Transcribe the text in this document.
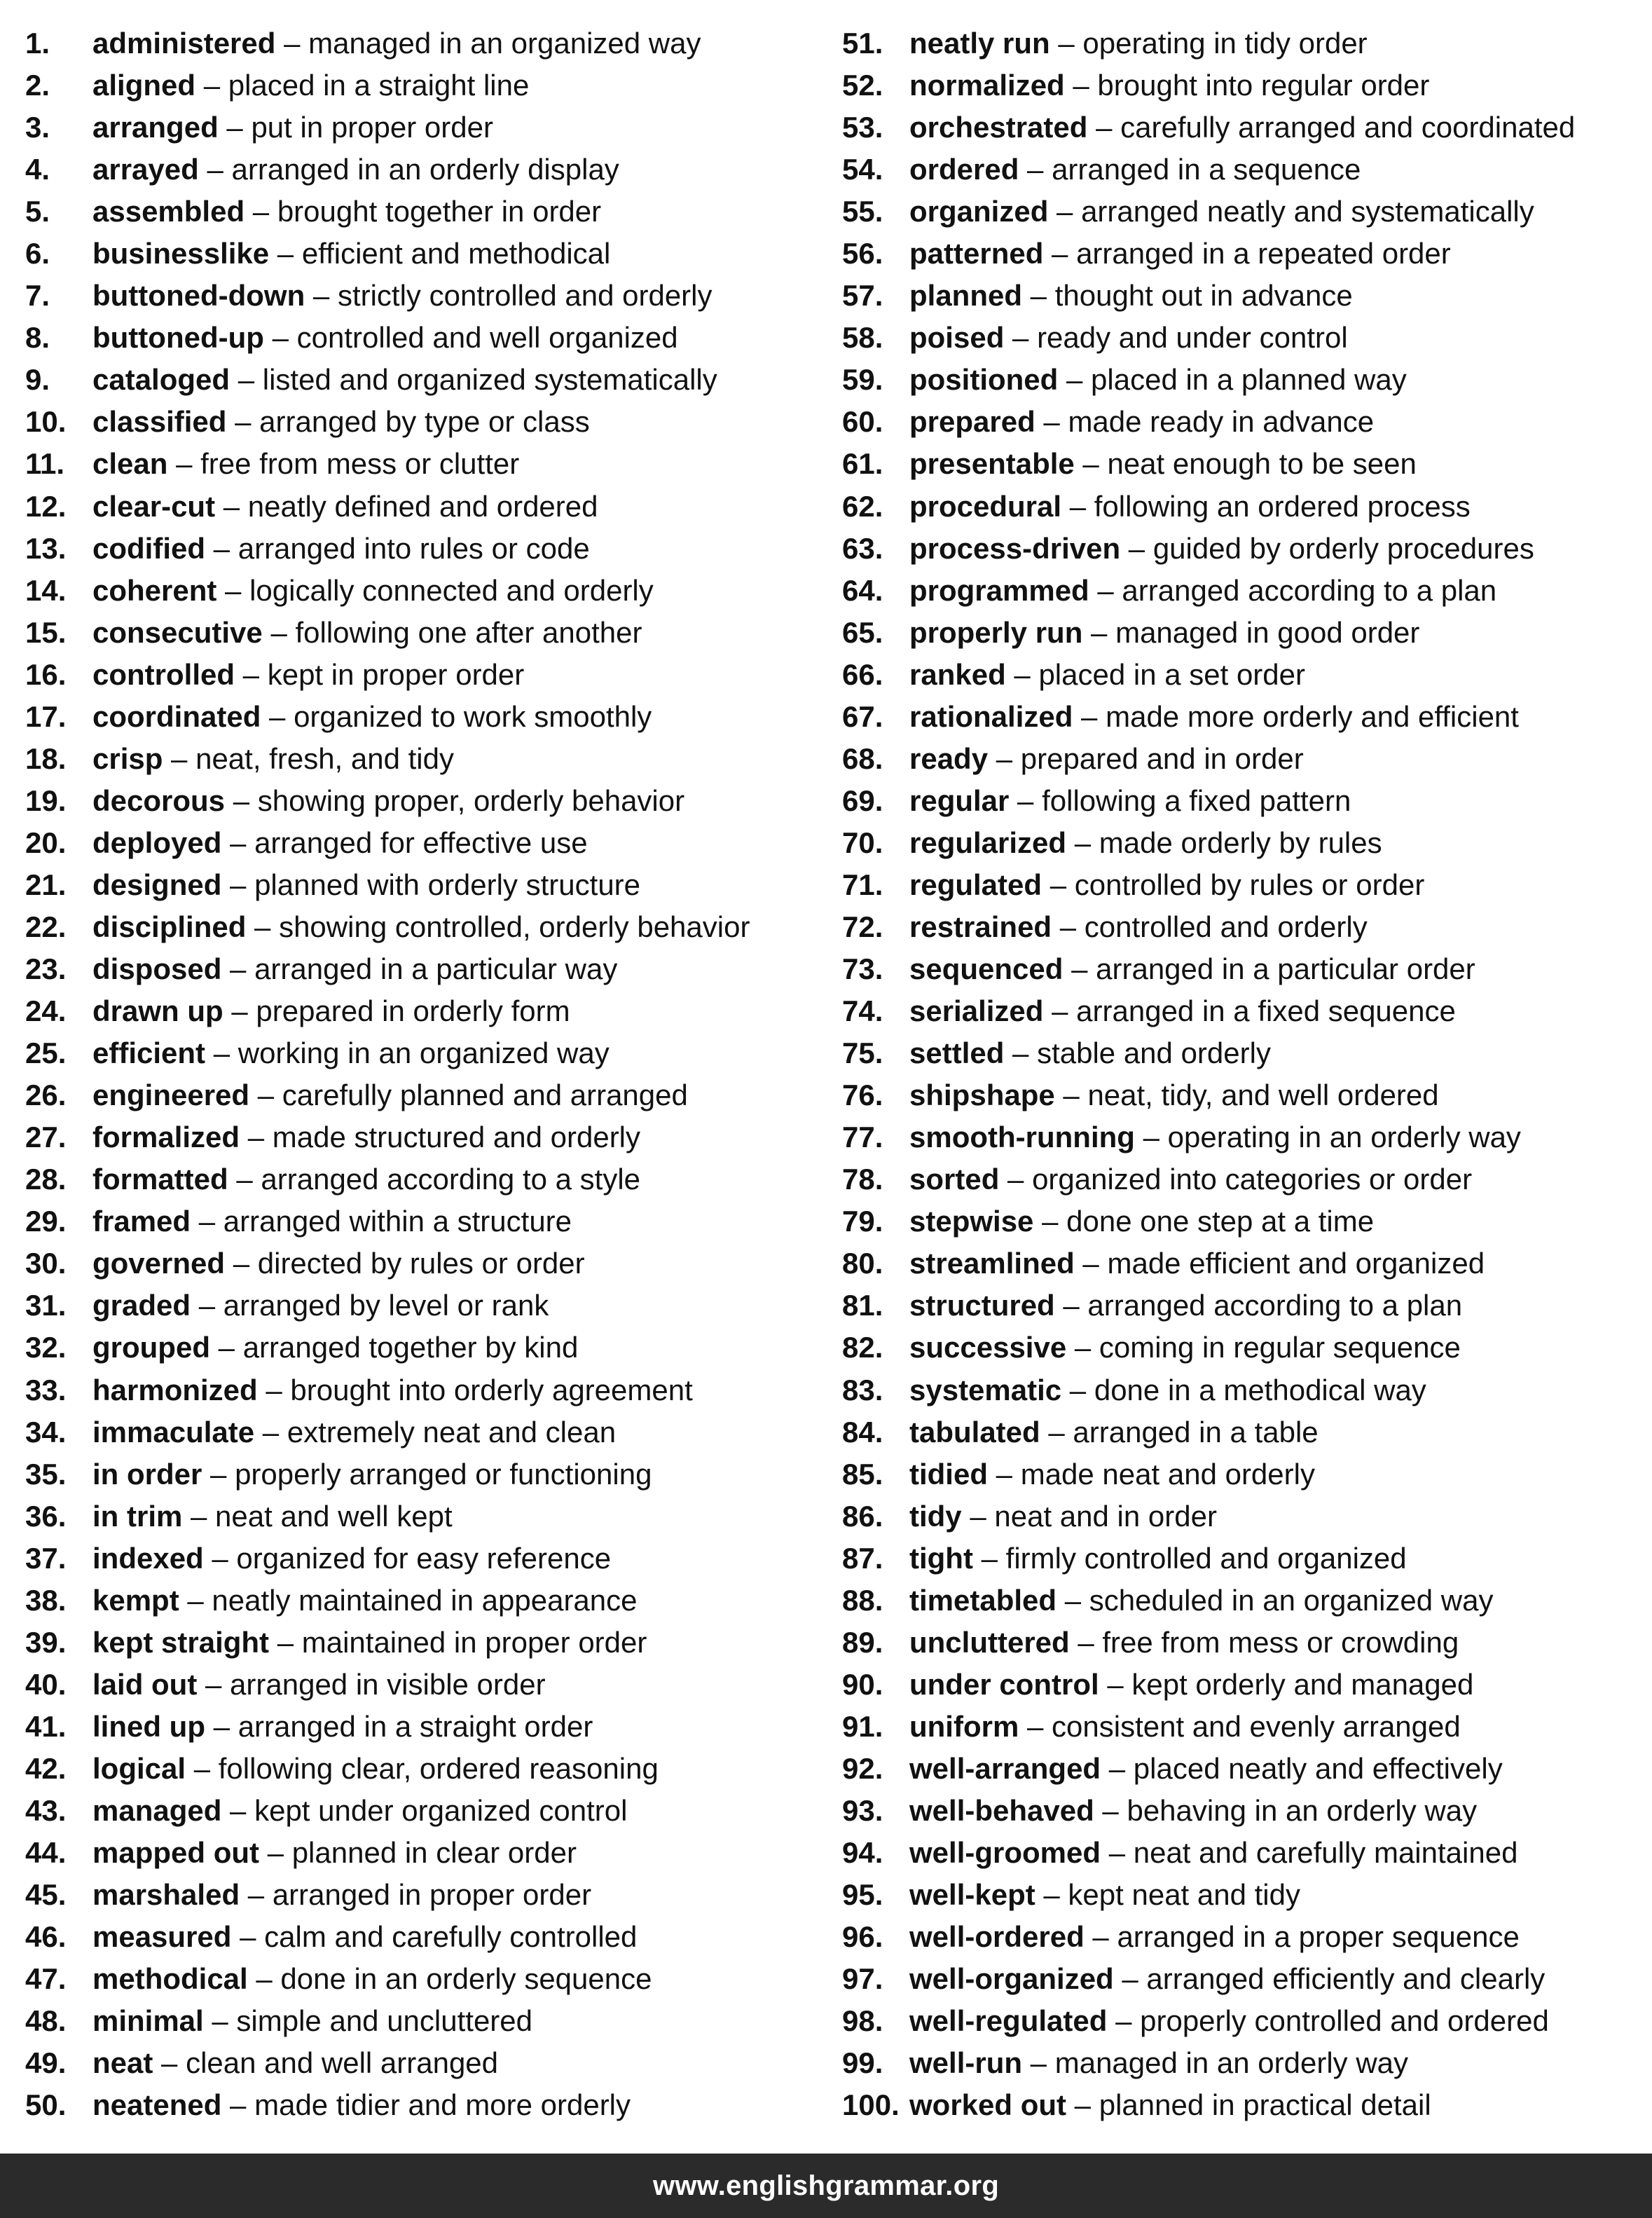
1.	administered – managed in an organized way
2.	aligned – placed in a straight line
3.	arranged – put in proper order
4.	arrayed – arranged in an orderly display
5.	assembled – brought together in order
6.	businesslike – efficient and methodical
7.	buttoned-down – strictly controlled and orderly
8.	buttoned-up – controlled and well organized
9.	cataloged – listed and organized systematically
10. classified – arranged by type or class
11. clean – free from mess or clutter
12. clear-cut – neatly defined and ordered
13. codified – arranged into rules or code
14. coherent – logically connected and orderly
15. consecutive – following one after another
16. controlled – kept in proper order
17. coordinated – organized to work smoothly
18. crisp – neat, fresh, and tidy
19. decorous – showing proper, orderly behavior
20. deployed – arranged for effective use
21. designed – planned with orderly structure
22. disciplined – showing controlled, orderly behavior
23. disposed – arranged in a particular way
24. drawn up – prepared in orderly form
25. efficient – working in an organized way
26. engineered – carefully planned and arranged
27. formalized – made structured and orderly
28. formatted – arranged according to a style
29. framed – arranged within a structure
30. governed – directed by rules or order
31. graded – arranged by level or rank
32. grouped – arranged together by kind
33. harmonized – brought into orderly agreement
34. immaculate – extremely neat and clean
35. in order – properly arranged or functioning
36. in trim – neat and well kept
37. indexed – organized for easy reference
38. kempt – neatly maintained in appearance
39. kept straight – maintained in proper order
40. laid out – arranged in visible order
41. lined up – arranged in a straight order
42. logical – following clear, ordered reasoning
43. managed – kept under organized control
44. mapped out – planned in clear order
45. marshaled – arranged in proper order
46. measured – calm and carefully controlled
47. methodical – done in an orderly sequence
48. minimal – simple and uncluttered
49. neat – clean and well arranged
50. neatened – made tidier and more orderly
51. neatly run – operating in tidy order
52. normalized – brought into regular order
53. orchestrated – carefully arranged and coordinated
54. ordered – arranged in a sequence
55. organized – arranged neatly and systematically
56. patterned – arranged in a repeated order
57. planned – thought out in advance
58. poised – ready and under control
59. positioned – placed in a planned way
60. prepared – made ready in advance
61. presentable – neat enough to be seen
62. procedural – following an ordered process
63. process-driven – guided by orderly procedures
64. programmed – arranged according to a plan
65. properly run – managed in good order
66. ranked – placed in a set order
67. rationalized – made more orderly and efficient
68. ready – prepared and in order
69. regular – following a fixed pattern
70. regularized – made orderly by rules
71. regulated – controlled by rules or order
72. restrained – controlled and orderly
73. sequenced – arranged in a particular order
74. serialized – arranged in a fixed sequence
75. settled – stable and orderly
76. shipshape – neat, tidy, and well ordered
77. smooth-running – operating in an orderly way
78. sorted – organized into categories or order
79. stepwise – done one step at a time
80. streamlined – made efficient and organized
81. structured – arranged according to a plan
82. successive – coming in regular sequence
83. systematic – done in a methodical way
84. tabulated – arranged in a table
85. tidied – made neat and orderly
86. tidy – neat and in order
87. tight – firmly controlled and organized
88. timetabled – scheduled in an organized way
89. uncluttered – free from mess or crowding
90. under control – kept orderly and managed
91. uniform – consistent and evenly arranged
92. well-arranged – placed neatly and effectively
93. well-behaved – behaving in an orderly way
94. well-groomed – neat and carefully maintained
95. well-kept – kept neat and tidy
96. well-ordered – arranged in a proper sequence
97. well-organized – arranged efficiently and clearly
98. well-regulated – properly controlled and ordered
99. well-run – managed in an orderly way
100. worked out – planned in practical detail
www.englishgrammar.org
